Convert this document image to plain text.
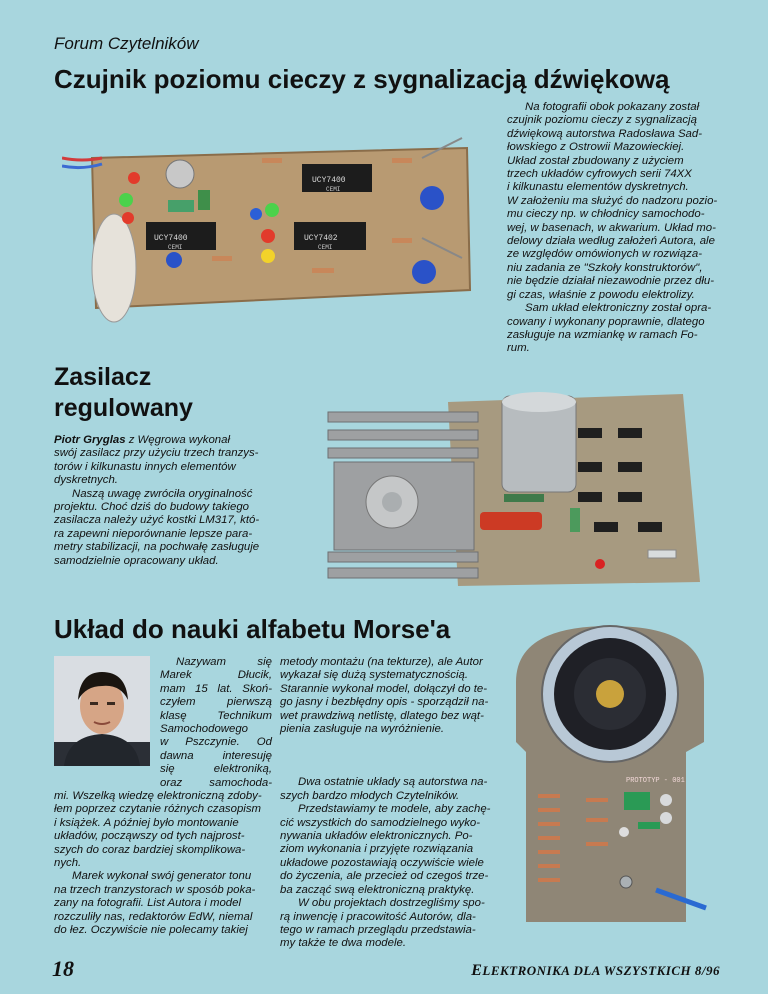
Forum Czytelników
Czujnik poziomu cieczy z sygnalizacją dźwiękową
UCY7400
CEMI
UCY7400
CEMI
UCY7402
CEMI
Na fotografii obok pokazany został
czujnik poziomu cieczy z sygnalizacją
dźwiękową autorstwa Radosława Sad-
łowskiego z Ostrowii Mazowieckiej.
Układ został zbudowany z użyciem
trzech układów cyfrowych serii 74XX
i kilkunastu elementów dyskretnych.
W założeniu ma służyć do nadzoru pozio-
mu cieczy np. w chłodnicy samochodo-
wej, w basenach, w akwarium. Układ mo-
delowy działa według założeń Autora, ale
ze względów omówionych w rozwiąza-
niu zadania ze "Szkoły konstruktorów",
nie będzie działał niezawodnie przez dłu-
gi czas, właśnie z powodu elektrolizy.
Sam układ elektroniczny został opra-
cowany i wykonany poprawnie, dlatego
zasługuje na wzmiankę w ramach Fo-
rum.
Zasilacz
regulowany
Piotr Gryglas z Węgrowa wykonał
swój zasilacz przy użyciu trzech tranzys-
torów i kilkunastu innych elementów
dyskretnych.
Naszą uwagę zwróciła oryginalność
projektu. Choć dziś do budowy takiego
zasilacza należy użyć kostki LM317, któ-
ra zapewni nieporównanie lepsze para-
metry stabilizacji, na pochwałę zasługuje
samodzielnie opracowany układ.
Układ do nauki alfabetu Morse'a
Nazywam się
Marek Dłucik,
mam 15 lat. Skoń-
czyłem pierwszą
klasę Technikum
Samochodowego
w Pszczynie. Od
dawna interesuję
się elektroniką,
oraz samochoda-
mi. Wszelką wiedzę elektroniczną zdoby-
łem poprzez czytanie różnych czasopism
i książek. A później było montowanie
układów, począwszy od tych najprost-
szych do coraz bardziej skomplikowa-
nych.
Marek wykonał swój generator tonu
na trzech tranzystorach w sposób poka-
zany na fotografii. List Autora i model
rozczuliły nas, redaktorów EdW, niemal
do łez. Oczywiście nie polecamy takiej
metody montażu (na tekturze), ale Autor
wykazał się dużą systematycznością.
Starannie wykonał model, dołączył do te-
go jasny i bezbłędny opis - sporządził na-
wet prawdziwą netlistę, dlatego bez wąt-
pienia zasługuje na wyróżnienie.
Dwa ostatnie układy są autorstwa na-
szych bardzo młodych Czytelników.
Przedstawiamy te modele, aby zachę-
cić wszystkich do samodzielnego wyko-
nywania układów elektronicznych. Po-
ziom wykonania i przyjęte rozwiązania
układowe pozostawiają oczywiście wiele
do życzenia, ale przecież od czegoś trze-
ba zacząć swą elektroniczną praktykę.
W obu projektach dostrzegliśmy spo-
rą inwencję i pracowitość Autorów, dla-
tego w ramach przeglądu przedstawia-
my także te dwa modele.
PROTOTYP - 001
18	ELEKTRONIKA DLA WSZYSTKICH 8/96
